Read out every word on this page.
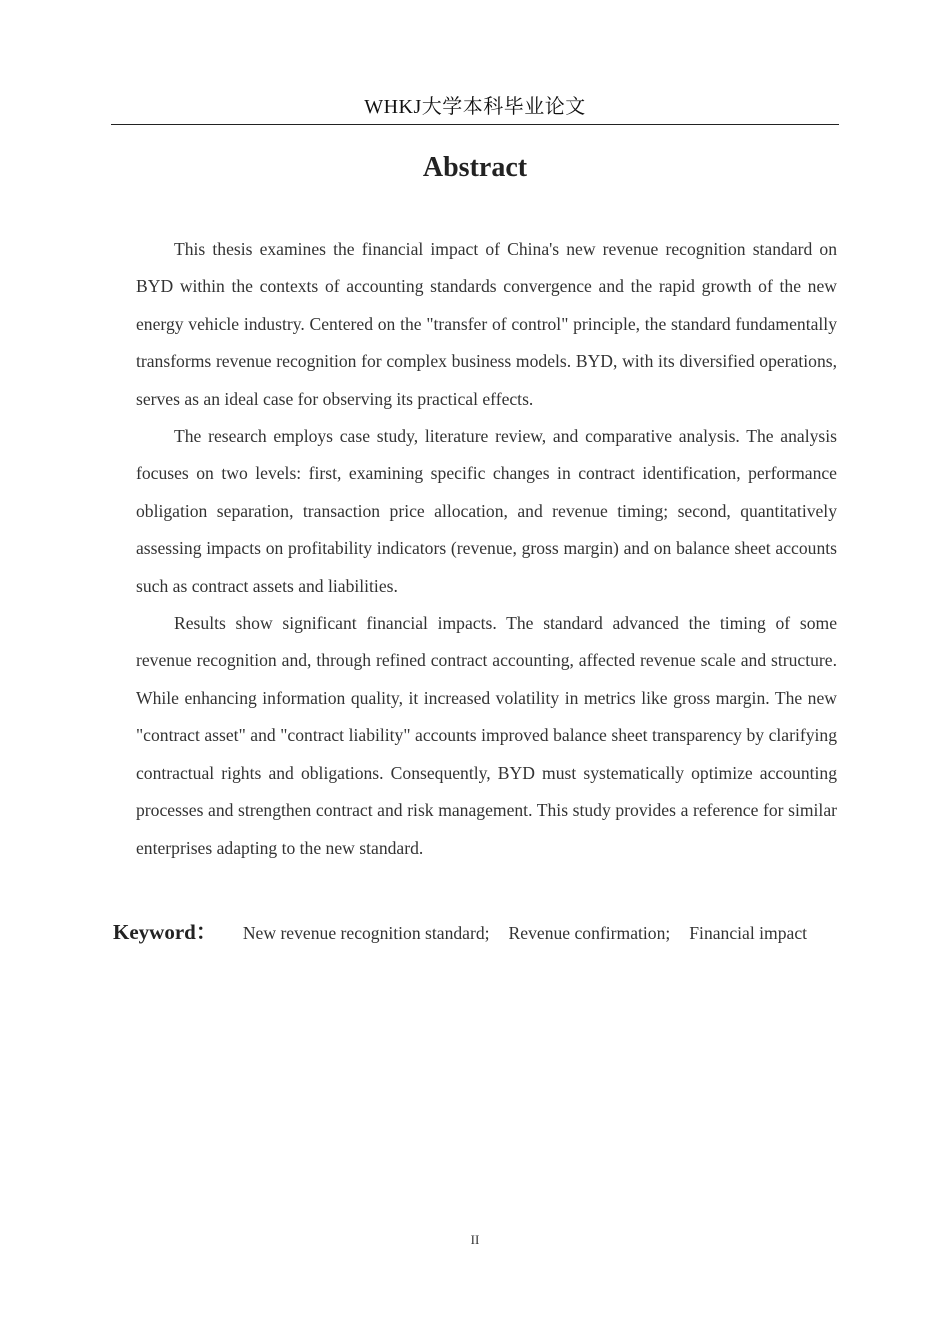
WHKJ大学本科毕业论文
Abstract

This thesis examines the financial impact of China's new revenue recognition standard on BYD within the contexts of accounting standards convergence and the rapid growth of the new energy vehicle industry. Centered on the "transfer of control" principle, the standard fundamentally transforms revenue recognition for complex business models. BYD, with its diversified operations, serves as an ideal case for observing its practical effects.

The research employs case study, literature review, and comparative analysis. The analysis focuses on two levels: first, examining specific changes in contract identification, performance obligation separation, transaction price allocation, and revenue timing; second, quantitatively assessing impacts on profitability indicators (revenue, gross margin) and on balance sheet accounts such as contract assets and liabilities.

Results show significant financial impacts. The standard advanced the timing of some revenue recognition and, through refined contract accounting, affected revenue scale and structure. While enhancing information quality, it increased volatility in metrics like gross margin. The new "contract asset" and "contract liability" accounts improved balance sheet transparency by clarifying contractual rights and obligations. Consequently, BYD must systematically optimize accounting processes and strengthen contract and risk management. This study provides a reference for similar enterprises adapting to the new standard.

Keyword： New revenue recognition standard; Revenue confirmation; Financial impact
II
